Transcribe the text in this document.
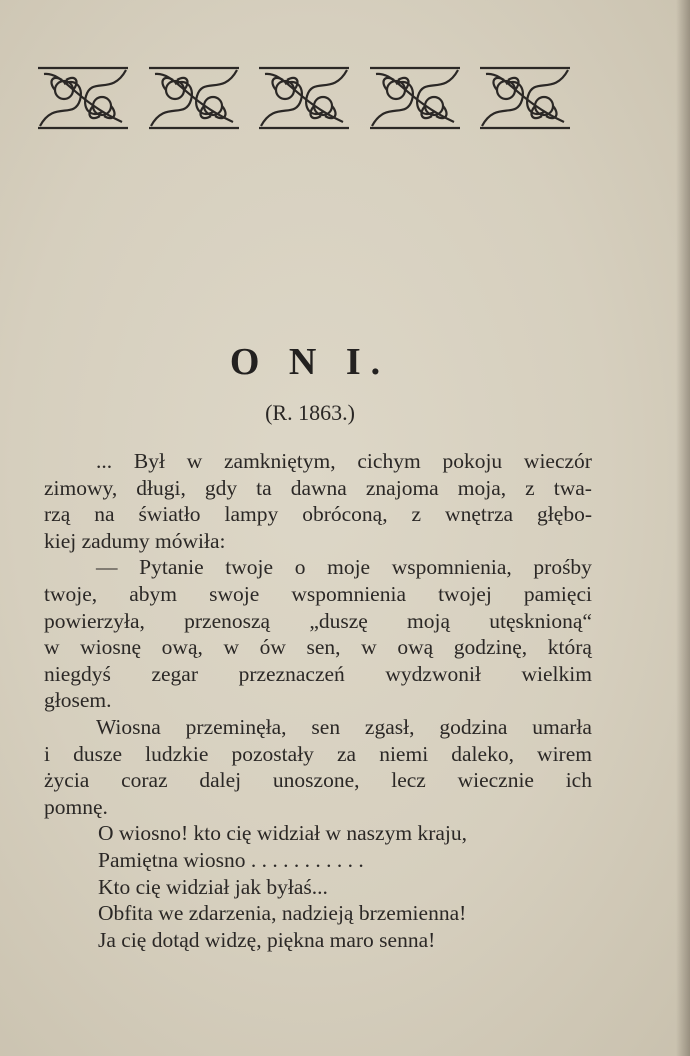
O N I.
(R. 1863.)
... Był w zamkniętym, cichym pokoju wieczór
zimowy, długi, gdy ta dawna znajoma moja, z twa-
rzą na światło lampy obróconą, z wnętrza głębo-
kiej zadumy mówiła:
— Pytanie twoje o moje wspomnienia, prośby
twoje, abym swoje wspomnienia twojej pamięci
powierzyła, przenoszą „duszę moją utęsknioną“
w wiosnę ową, w ów sen, w ową godzinę, którą
niegdyś zegar przeznaczeń wydzwonił wielkim
głosem.
Wiosna przeminęła, sen zgasł, godzina umarła
i dusze ludzkie pozostały za niemi daleko, wirem
życia coraz dalej unoszone, lecz wiecznie ich
pomnę.
O wiosno! kto cię widział w naszym kraju,
Pamiętna wiosno . . . . . . . . . . .
Kto cię widział jak byłaś...
Obfita we zdarzenia, nadzieją brzemienna!
Ja cię dotąd widzę, piękna maro senna!
